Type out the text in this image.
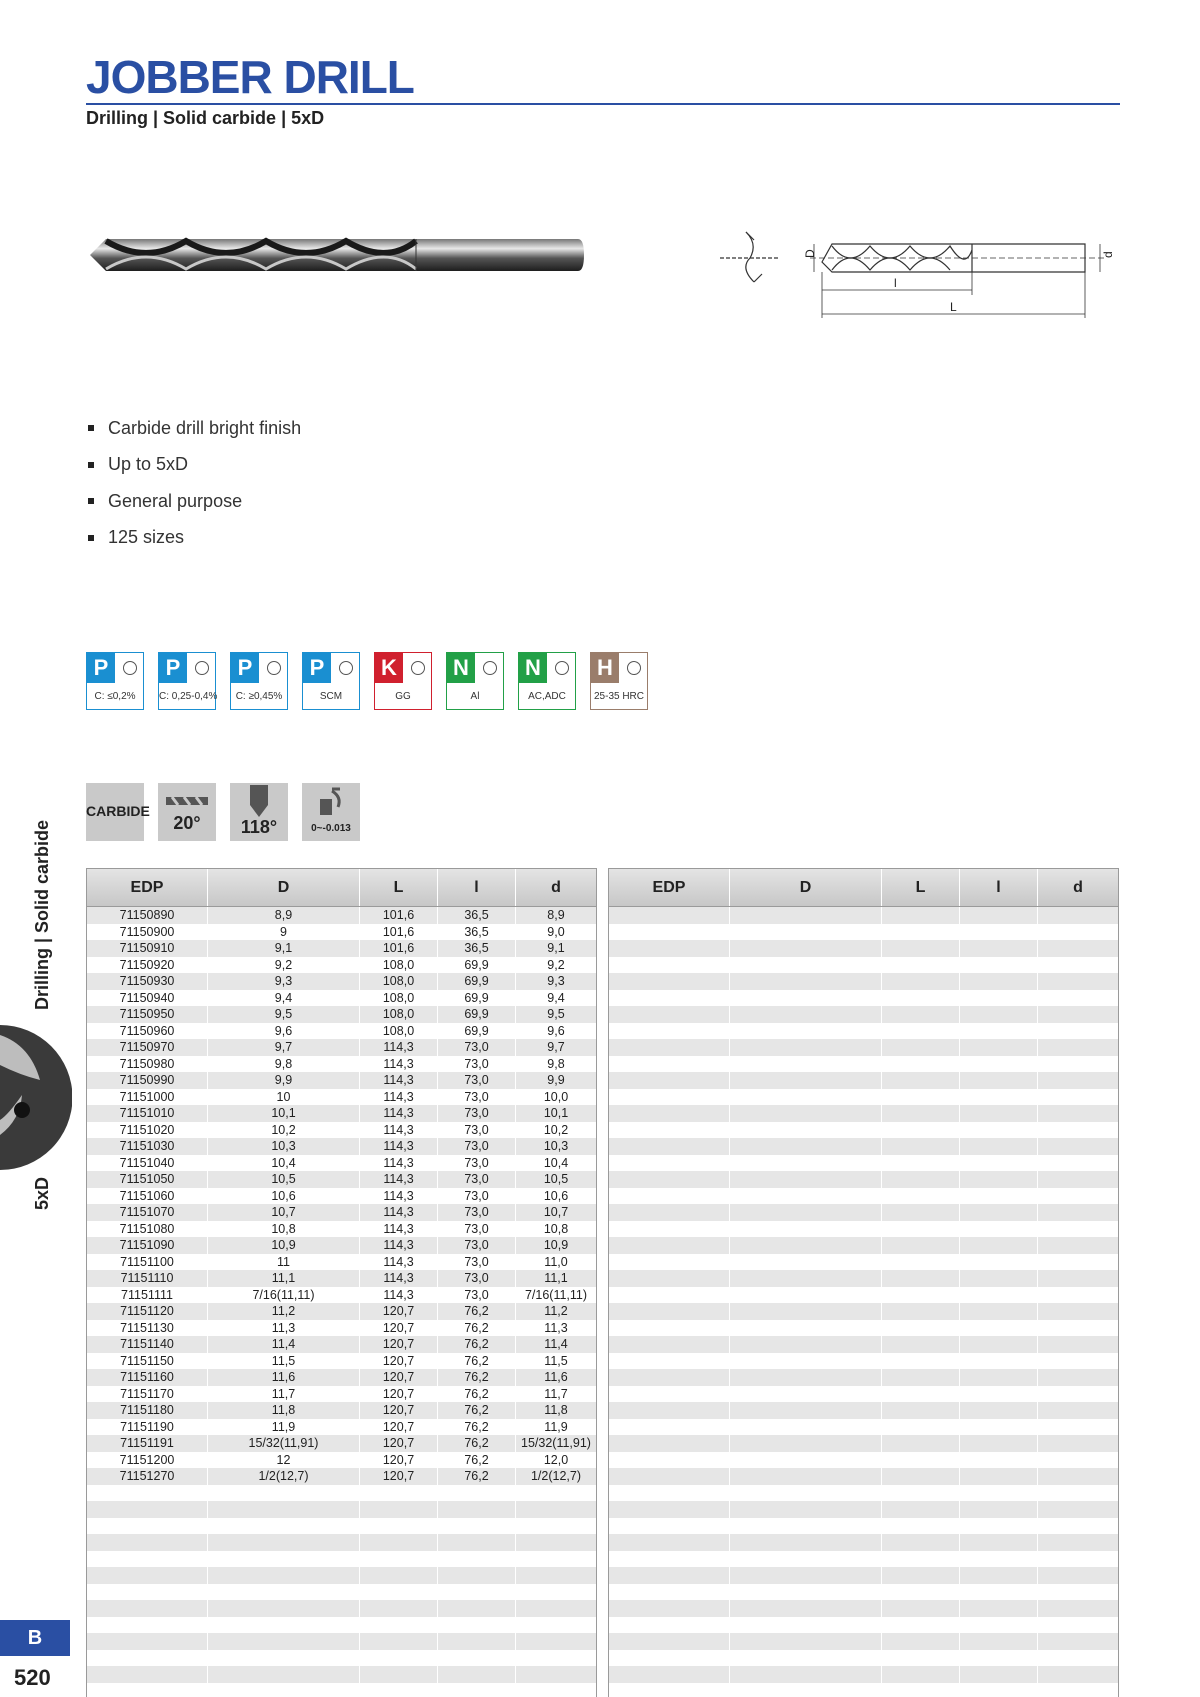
JOBBER DRILL
Drilling | Solid carbide | 5xD
D	d
l
L
Carbide drill bright finish
Up to 5xD
General purpose
125 sizes
P
C: ≤0,2%
P
C: 0,25-0,4%
P
C: ≥0,45%
P
SCM
K
GG
N
Al
N
AC,ADC
H
25-35 HRC
CARBIDE
20°	118°	0~-0.013
Drilling | Solid carbide
5xD
B
520
EDP	D	L	l	d
71150890	8,9	101,6	36,5	8,9
71150900	9	101,6	36,5	9,0
71150910	9,1	101,6	36,5	9,1
71150920	9,2	108,0	69,9	9,2
71150930	9,3	108,0	69,9	9,3
71150940	9,4	108,0	69,9	9,4
71150950	9,5	108,0	69,9	9,5
71150960	9,6	108,0	69,9	9,6
71150970	9,7	114,3	73,0	9,7
71150980	9,8	114,3	73,0	9,8
71150990	9,9	114,3	73,0	9,9
71151000	10	114,3	73,0	10,0
71151010	10,1	114,3	73,0	10,1
71151020	10,2	114,3	73,0	10,2
71151030	10,3	114,3	73,0	10,3
71151040	10,4	114,3	73,0	10,4
71151050	10,5	114,3	73,0	10,5
71151060	10,6	114,3	73,0	10,6
71151070	10,7	114,3	73,0	10,7
71151080	10,8	114,3	73,0	10,8
71151090	10,9	114,3	73,0	10,9
71151100	11	114,3	73,0	11,0
71151110	11,1	114,3	73,0	11,1
71151111	7/16(11,11)	114,3	73,0	7/16(11,11)
71151120	11,2	120,7	76,2	11,2
71151130	11,3	120,7	76,2	11,3
71151140	11,4	120,7	76,2	11,4
71151150	11,5	120,7	76,2	11,5
71151160	11,6	120,7	76,2	11,6
71151170	11,7	120,7	76,2	11,7
71151180	11,8	120,7	76,2	11,8
71151190	11,9	120,7	76,2	11,9
71151191	15/32(11,91)	120,7	76,2	15/32(11,91)
71151200	12	120,7	76,2	12,0
71151270	1/2(12,7)	120,7	76,2	1/2(12,7)
EDP	D	L	l	d
